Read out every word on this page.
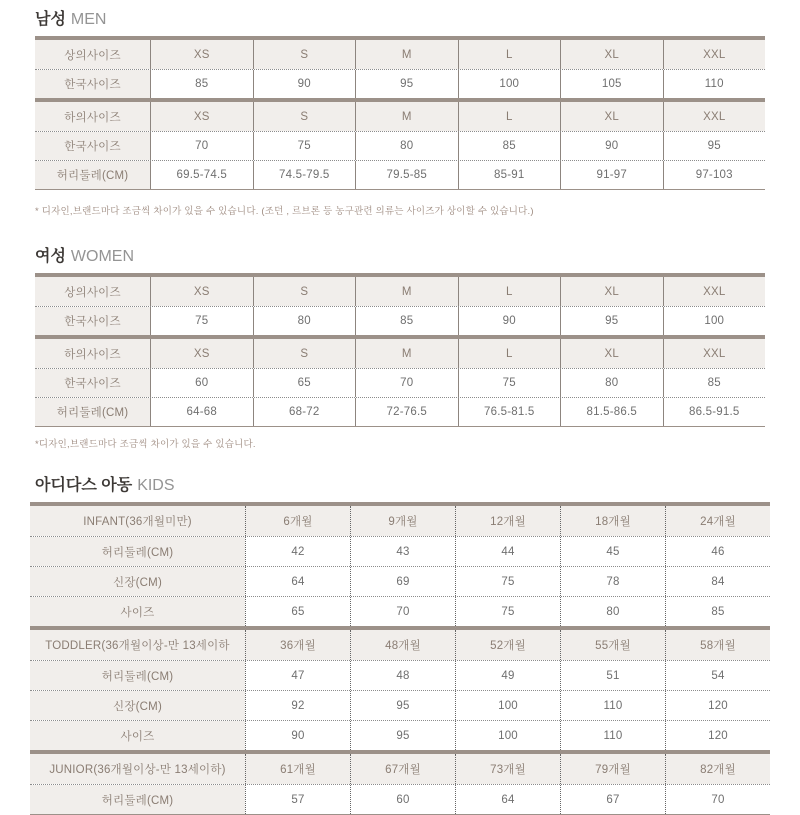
남성 MEN
상의사이즈	XS	S	M	L	XL	XXL
한국사이즈	85	90	95	100	105	110
하의사이즈	XS	S	M	L	XL	XXL
한국사이즈	70	75	80	85	90	95
허리둘레(CM)	69.5-74.5	74.5-79.5	79.5-85	85-91	91-97	97-103
* 디자인,브랜드마다 조금씩 차이가 있을 수 있습니다. (조던 , 르브론 등 농구관련 의류는 사이즈가 상이할 수 있습니다.)
여성 WOMEN
상의사이즈	XS	S	M	L	XL	XXL
한국사이즈	75	80	85	90	95	100
하의사이즈	XS	S	M	L	XL	XXL
한국사이즈	60	65	70	75	80	85
허리둘레(CM)	64-68	68-72	72-76.5	76.5-81.5	81.5-86.5	86.5-91.5
*디자인,브랜드마다 조금씩 차이가 있을 수 있습니다.
아디다스 아동 KIDS
INFANT(36개월미만)	6개월	9개월	12개월	18개월	24개월
허리둘레(CM)	42	43	44	45	46
신장(CM)	64	69	75	78	84
사이즈	65	70	75	80	85
TODDLER(36개월이상-만 13세이하	36개월	48개월	52개월	55개월	58개월
허리둘레(CM)	47	48	49	51	54
신장(CM)	92	95	100	110	120
사이즈	90	95	100	110	120
JUNIOR(36개월이상-만 13세이하)	61개월	67개월	73개월	79개월	82개월
허리둘레(CM)	57	60	64	67	70
